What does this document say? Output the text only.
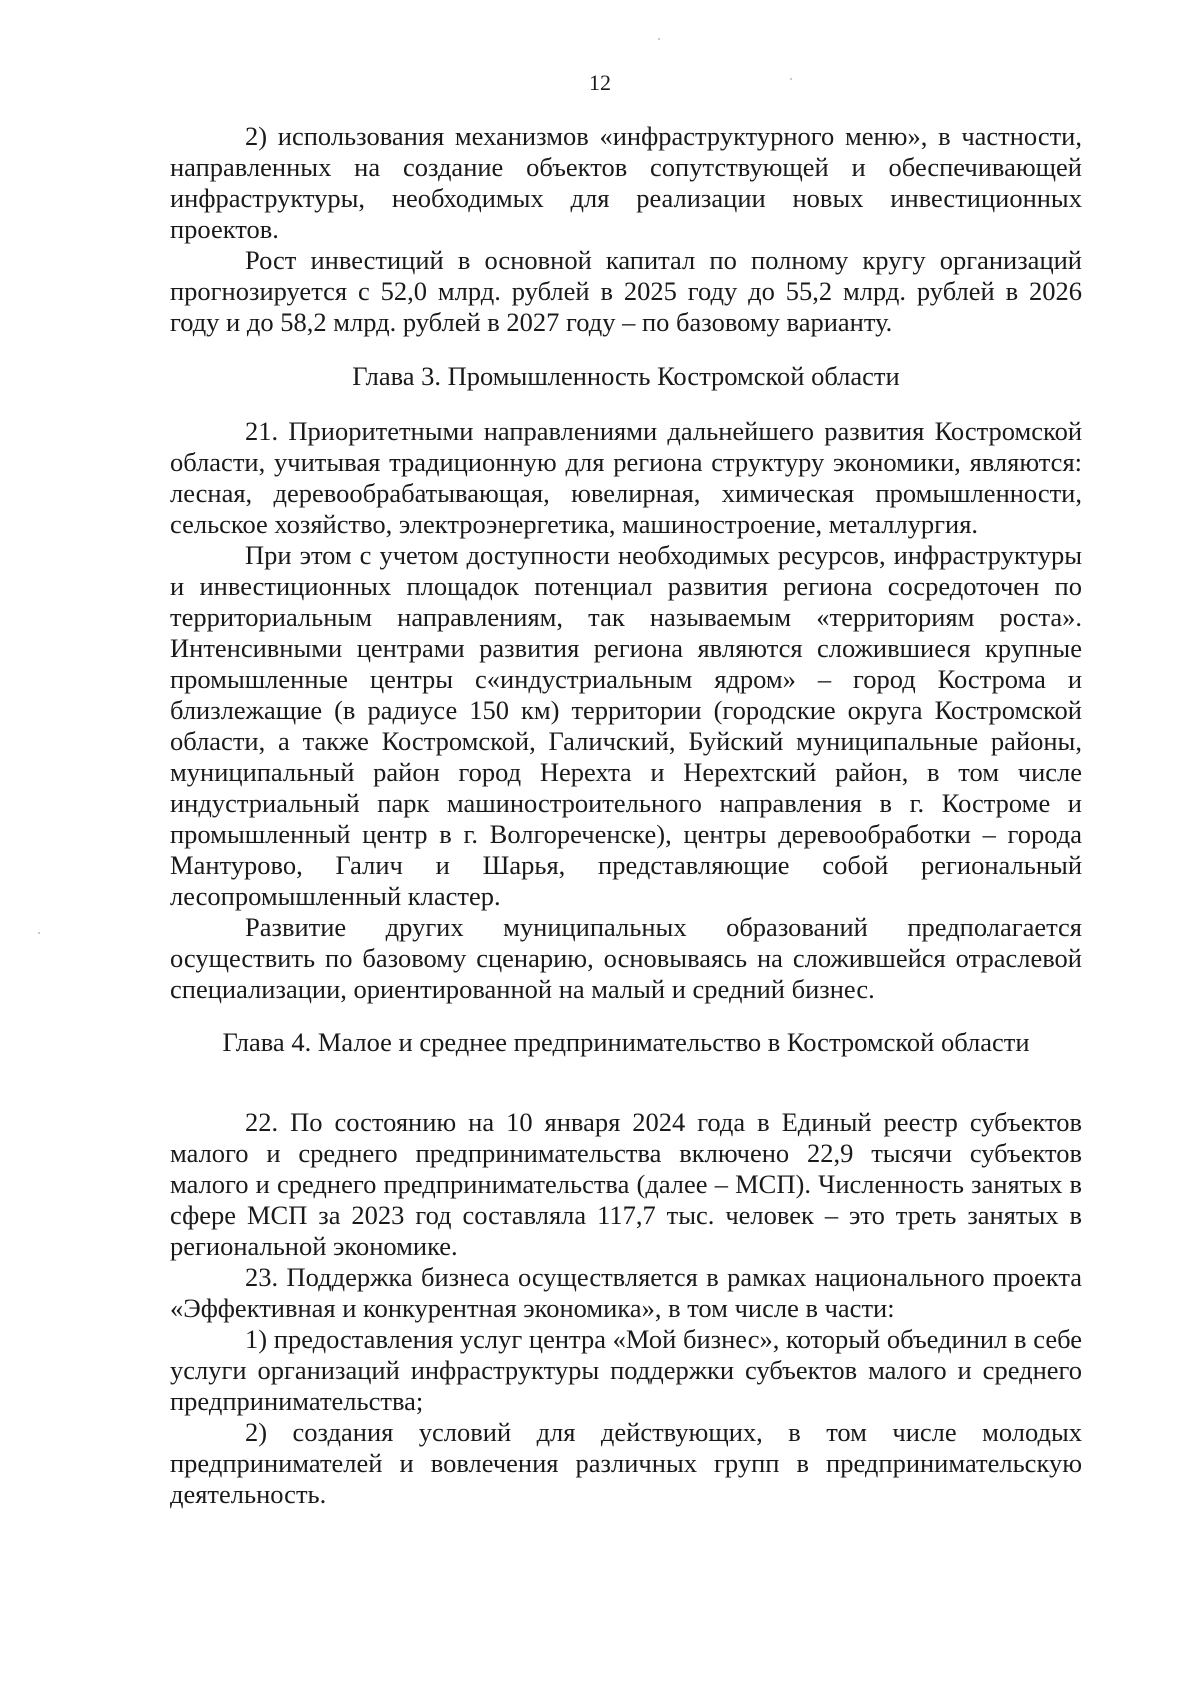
12

2) использования механизмов «инфраструктурного меню», в частности, направленных на создание объектов сопутствующей и обеспечивающей инфраструктуры, необходимых для реализации новых инвестиционных проектов.

Рост инвестиций в основной капитал по полному кругу организаций прогнозируется с 52,0 млрд. рублей в 2025 году до 55,2 млрд. рублей в 2026 году и до 58,2 млрд. рублей в 2027 году – по базовому варианту.

Глава 3. Промышленность Костромской области

21. Приоритетными направлениями дальнейшего развития Костромской области, учитывая традиционную для региона структуру экономики, являются: лесная, деревообрабатывающая, ювелирная, химическая промышленности, сельское хозяйство, электроэнергетика, машиностроение, металлургия.

При этом с учетом доступности необходимых ресурсов, инфраструктуры и инвестиционных площадок потенциал развития региона сосредоточен по территориальным направлениям, так называемым «территориям роста». Интенсивными центрами развития региона являются сложившиеся крупные промышленные центры с«индустриальным ядром» – город Кострома и близлежащие (в радиусе 150 км) территории (городские округа Костромской области, а также Костромской, Галичский, Буйский муниципальные районы, муниципальный район город Нерехта и Нерехтский район, в том числе индустриальный парк машиностроительного направления в г. Костроме и промышленный центр в г. Волгореченске), центры деревообработки – города Мантурово, Галич и Шарья, представляющие собой региональный лесопромышленный кластер.

Развитие других муниципальных образований предполагается осуществить по базовому сценарию, основываясь на сложившейся отраслевой специализации, ориентированной на малый и средний бизнес.

Глава 4. Малое и среднее предпринимательство в Костромской области

22. По состоянию на 10 января 2024 года в Единый реестр субъектов малого и среднего предпринимательства включено 22,9 тысячи субъектов малого и среднего предпринимательства (далее – МСП). Численность занятых в сфере МСП за 2023 год составляла 117,7 тыс. человек – это треть занятых в региональной экономике.

23. Поддержка бизнеса осуществляется в рамках национального проекта «Эффективная и конкурентная экономика», в том числе в части:

1) предоставления услуг центра «Мой бизнес», который объединил в себе услуги организаций инфраструктуры поддержки субъектов малого и среднего предпринимательства;

2) создания условий для действующих, в том числе молодых предпринимателей и вовлечения различных групп в предпринимательскую деятельность.
